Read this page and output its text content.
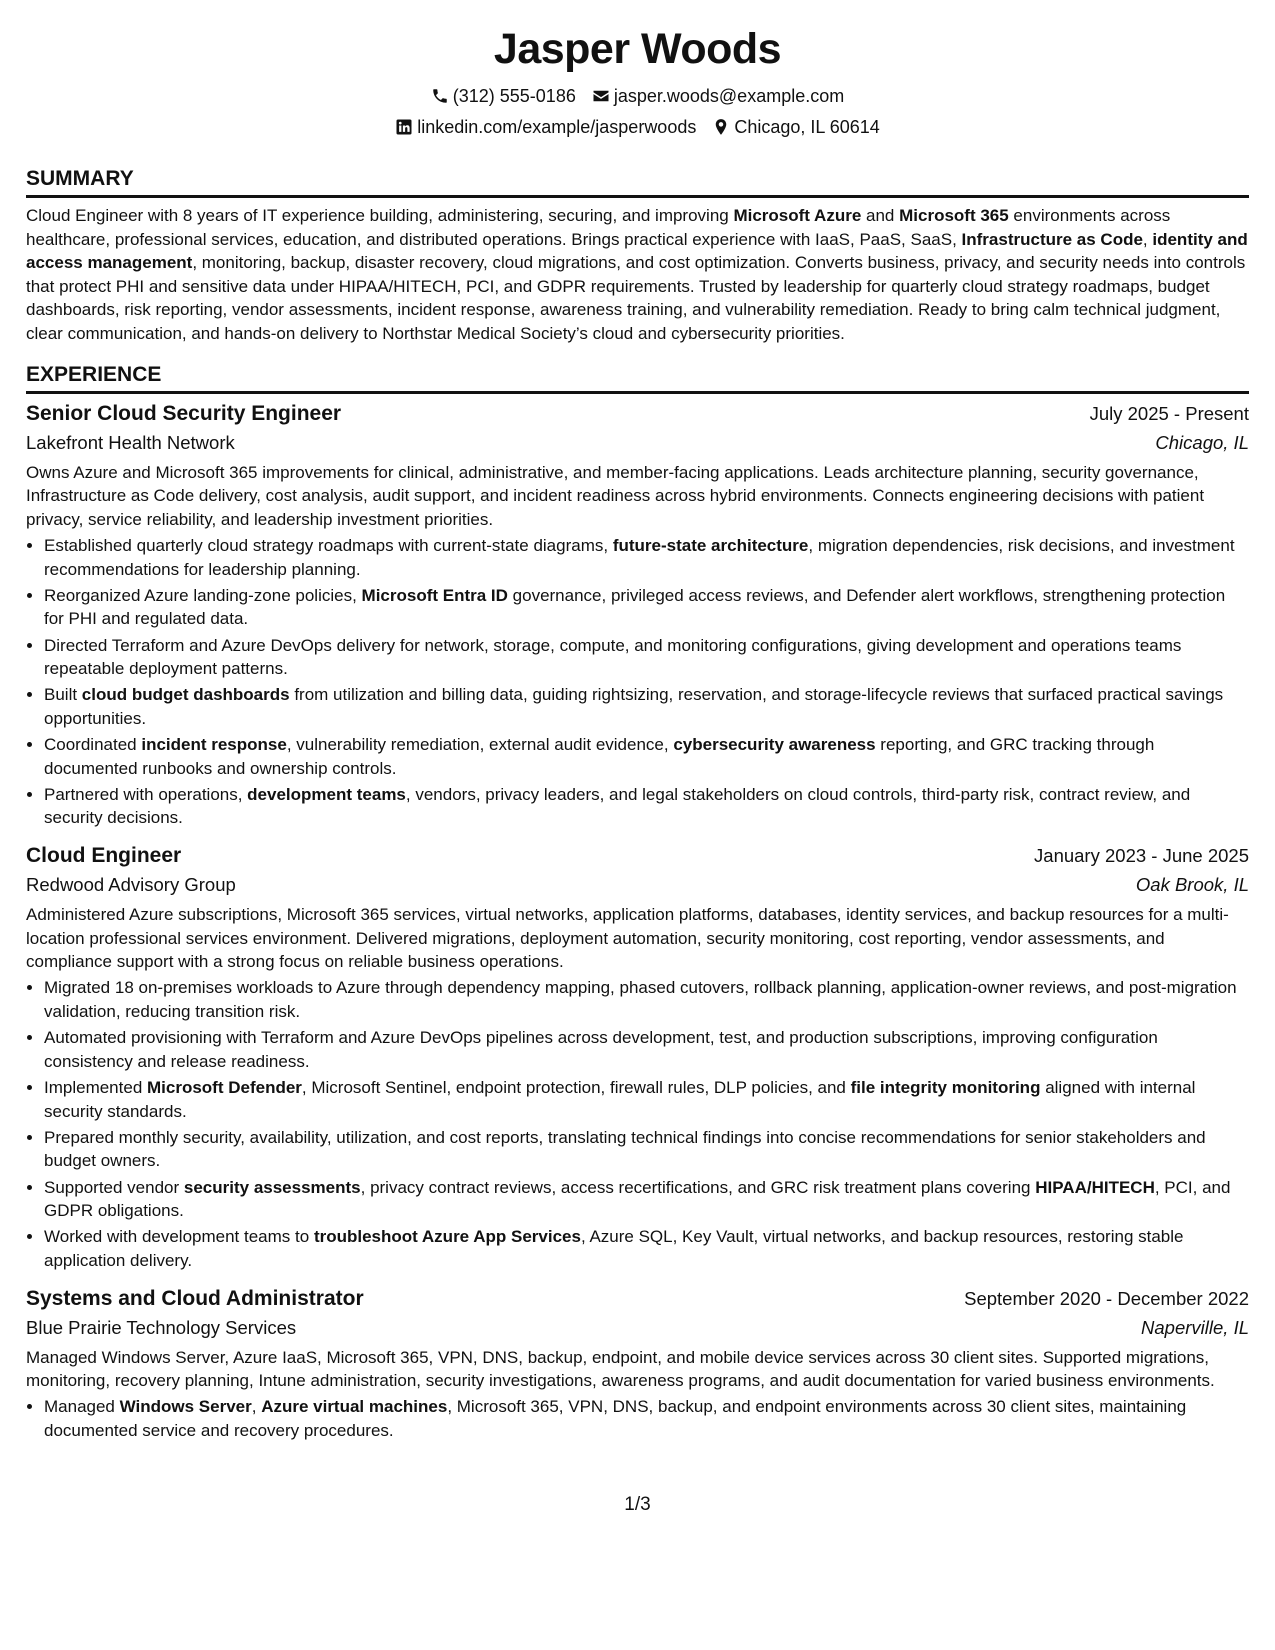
Jasper Woods
(312) 555-0186 jasper.woods@example.com
linkedin.com/example/jasperwoods Chicago, IL 60614
SUMMARY

Cloud Engineer with 8 years of IT experience building, administering, securing, and improving Microsoft Azure and Microsoft 365 environments across healthcare, professional services, education, and distributed operations. Brings practical experience with IaaS, PaaS, SaaS, Infrastructure as Code, identity and access management, monitoring, backup, disaster recovery, cloud migrations, and cost optimization. Converts business, privacy, and security needs into controls that protect PHI and sensitive data under HIPAA/HITECH, PCI, and GDPR requirements. Trusted by leadership for quarterly cloud strategy roadmaps, budget dashboards, risk reporting, vendor assessments, incident response, awareness training, and vulnerability remediation. Ready to bring calm technical judgment, clear communication, and hands-on delivery to Northstar Medical Society’s cloud and cybersecurity priorities.

EXPERIENCE
Senior Cloud Security Engineer	July 2025 - Present
Lakefront Health Network	Chicago, IL

Owns Azure and Microsoft 365 improvements for clinical, administrative, and member-facing applications. Leads architecture planning, security governance, Infrastructure as Code delivery, cost analysis, audit support, and incident readiness across hybrid environments. Connects engineering decisions with patient privacy, service reliability, and leadership investment priorities.

• Established quarterly cloud strategy roadmaps with current-state diagrams, future-state architecture, migration dependencies, risk decisions, and investment recommendations for leadership planning.
• Reorganized Azure landing-zone policies, Microsoft Entra ID governance, privileged access reviews, and Defender alert workflows, strengthening protection for PHI and regulated data.
• Directed Terraform and Azure DevOps delivery for network, storage, compute, and monitoring configurations, giving development and operations teams repeatable deployment patterns.
• Built cloud budget dashboards from utilization and billing data, guiding rightsizing, reservation, and storage-lifecycle reviews that surfaced practical savings opportunities.
• Coordinated incident response, vulnerability remediation, external audit evidence, cybersecurity awareness reporting, and GRC tracking through documented runbooks and ownership controls.
• Partnered with operations, development teams, vendors, privacy leaders, and legal stakeholders on cloud controls, third-party risk, contract review, and security decisions.
Cloud Engineer	January 2023 - June 2025
Redwood Advisory Group	Oak Brook, IL

Administered Azure subscriptions, Microsoft 365 services, virtual networks, application platforms, databases, identity services, and backup resources for a multi-location professional services environment. Delivered migrations, deployment automation, security monitoring, cost reporting, vendor assessments, and compliance support with a strong focus on reliable business operations.

• Migrated 18 on-premises workloads to Azure through dependency mapping, phased cutovers, rollback planning, application-owner reviews, and post-migration validation, reducing transition risk.
• Automated provisioning with Terraform and Azure DevOps pipelines across development, test, and production subscriptions, improving configuration consistency and release readiness.
• Implemented Microsoft Defender, Microsoft Sentinel, endpoint protection, firewall rules, DLP policies, and file integrity monitoring aligned with internal security standards.
• Prepared monthly security, availability, utilization, and cost reports, translating technical findings into concise recommendations for senior stakeholders and budget owners.
• Supported vendor security assessments, privacy contract reviews, access recertifications, and GRC risk treatment plans covering HIPAA/HITECH, PCI, and GDPR obligations.
• Worked with development teams to troubleshoot Azure App Services, Azure SQL, Key Vault, virtual networks, and backup resources, restoring stable application delivery.
Systems and Cloud Administrator	September 2020 - December 2022
Blue Prairie Technology Services	Naperville, IL

Managed Windows Server, Azure IaaS, Microsoft 365, VPN, DNS, backup, endpoint, and mobile device services across 30 client sites. Supported migrations, monitoring, recovery planning, Intune administration, security investigations, awareness programs, and audit documentation for varied business environments.

• Managed Windows Server, Azure virtual machines, Microsoft 365, VPN, DNS, backup, and endpoint environments across 30 client sites, maintaining documented service and recovery procedures.
1/3
